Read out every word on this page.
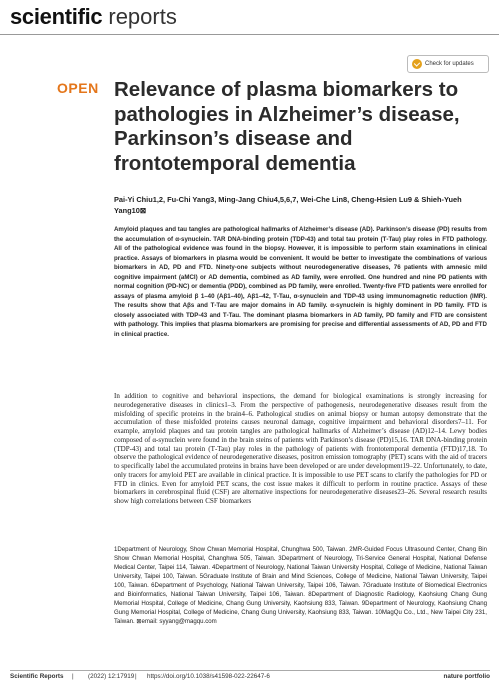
scientific reports
Check for updates
OPEN Relevance of plasma biomarkers to pathologies in Alzheimer’s disease, Parkinson’s disease and frontotemporal dementia
Pai‑Yi Chiu1,2, Fu‑Chi Yang3, Ming‑Jang Chiu4,5,6,7, Wei‑Che Lin8, Cheng‑Hsien Lu9 & Shieh‑Yueh Yang10⊠

Amyloid plaques and tau tangles are pathological hallmarks of Alzheimer’s disease (AD). Parkinson’s disease (PD) results from the accumulation of α‑synuclein. TAR DNA‑binding protein (TDP‑43) and total tau protein (T‑Tau) play roles in FTD pathology. All of the pathological evidence was found in the biopsy. However, it is impossible to perform stain examinations in clinical practice. Assays of biomarkers in plasma would be convenient. It would be better to investigate the combinations of various biomarkers in AD, PD and FTD. Ninety‑one subjects without neurodegenerative diseases, 76 patients with amnesic mild cognitive impairment (aMCI) or AD dementia, combined as AD family, were enrolled. One hundred and nine PD patients with normal cognition (PD‑NC) or dementia (PDD), combined as PD family, were enrolled. Twenty‑five FTD patients were enrolled for assays of plasma amyloid β 1–40 (Aβ1–40), Aβ1–42, T‑Tau, α‑synuclein and TDP‑43 using immunomagnetic reduction (IMR). The results show that Aβs and T‑Tau are major domains in AD family. α‑synuclein is highly dominent in PD family. FTD is closely associated with TDP‑43 and T‑Tau. The dominant plasma biomarkers in AD family, PD family and FTD are consistent with pathology. This implies that plasma biomarkers are promising for precise and differential assessments of AD, PD and FTD in clinical practice.

In addition to cognitive and behavioral inspections, the demand for biological examinations is strongly increasing for neurodegenerative diseases in clinics1–3. From the perspective of pathogenesis, neurodegenerative diseases result from the misfolding of specific proteins in the brain4–6. Pathological studies on animal biopsy or human autopsy demonstrate that the accumulation of these misfolded proteins causes neuronal damage, cognitive impairment and behavioral disorders7–11. For example, amyloid plaques and tau protein tangles are pathological hallmarks of Alzheimer’s disease (AD)12–14. Lewy bodies composed of α‑synuclein were found in the brain steins of patients with Parkinson’s disease (PD)15,16. TAR DNA‑binding protein (TDP‑43) and total tau protein (T‑Tau) play roles in the pathology of patients with frontotemporal dementia (FTD)17,18. To observe the pathological evidence of neurodegenerative diseases, positron emission tomography (PET) scans with the aid of tracers to specifically label the accumulated proteins in brains have been developed or are under development19–22. Unfortunately, to date, only tracers for amyloid PET are available in clinical practice. It is impossible to use PET scans to clarify the pathologies for PD or FTD in clinics. Even for amyloid PET scans, the cost issue makes it difficult to perform in routine practice. Assays of these biomarkers in cerebrospinal fluid (CSF) are alternative inspections for neurodegenerative diseases23–26. Several research results show high correlations between CSF biomarkers

1Department of Neurology, Show Chwan Memorial Hospital, Chunghwa 500, Taiwan. 2MR-Guided Focus Ultrasound Center, Chang Bin Show Chwan Memorial Hospital, Changhwa 505, Taiwan. 3Department of Neurology, Tri-Service General Hospital, National Defense Medical Center, Taipei 114, Taiwan. 4Department of Neurology, National Taiwan University Hospital, College of Medicine, National Taiwan University, Taipei 100, Taiwan. 5Graduate Institute of Brain and Mind Sciences, College of Medicine, National Taiwan University, Taipei 100, Taiwan. 6Department of Psychology, National Taiwan University, Taipei 106, Taiwan. 7Graduate Institute of Biomedical Electronics and Bioinformatics, National Taiwan University, Taipei 106, Taiwan. 8Department of Diagnostic Radiology, Kaohsiung Chang Gung Memorial Hospital, College of Medicine, Chang Gung University, Kaohsiung 833, Taiwan. 9Department of Neurology, Kaohsiung Chang Gung Memorial Hospital, College of Medicine, Chang Gung University, Kaohsiung 833, Taiwan. 10MagQu Co., Ltd., New Taipei City 231, Taiwan. ⊠email: syyang@magqu.com

Scientific Reports | (2022) 12:17919 | https://doi.org/10.1038/s41598-022-22647-6	nature portfolio
